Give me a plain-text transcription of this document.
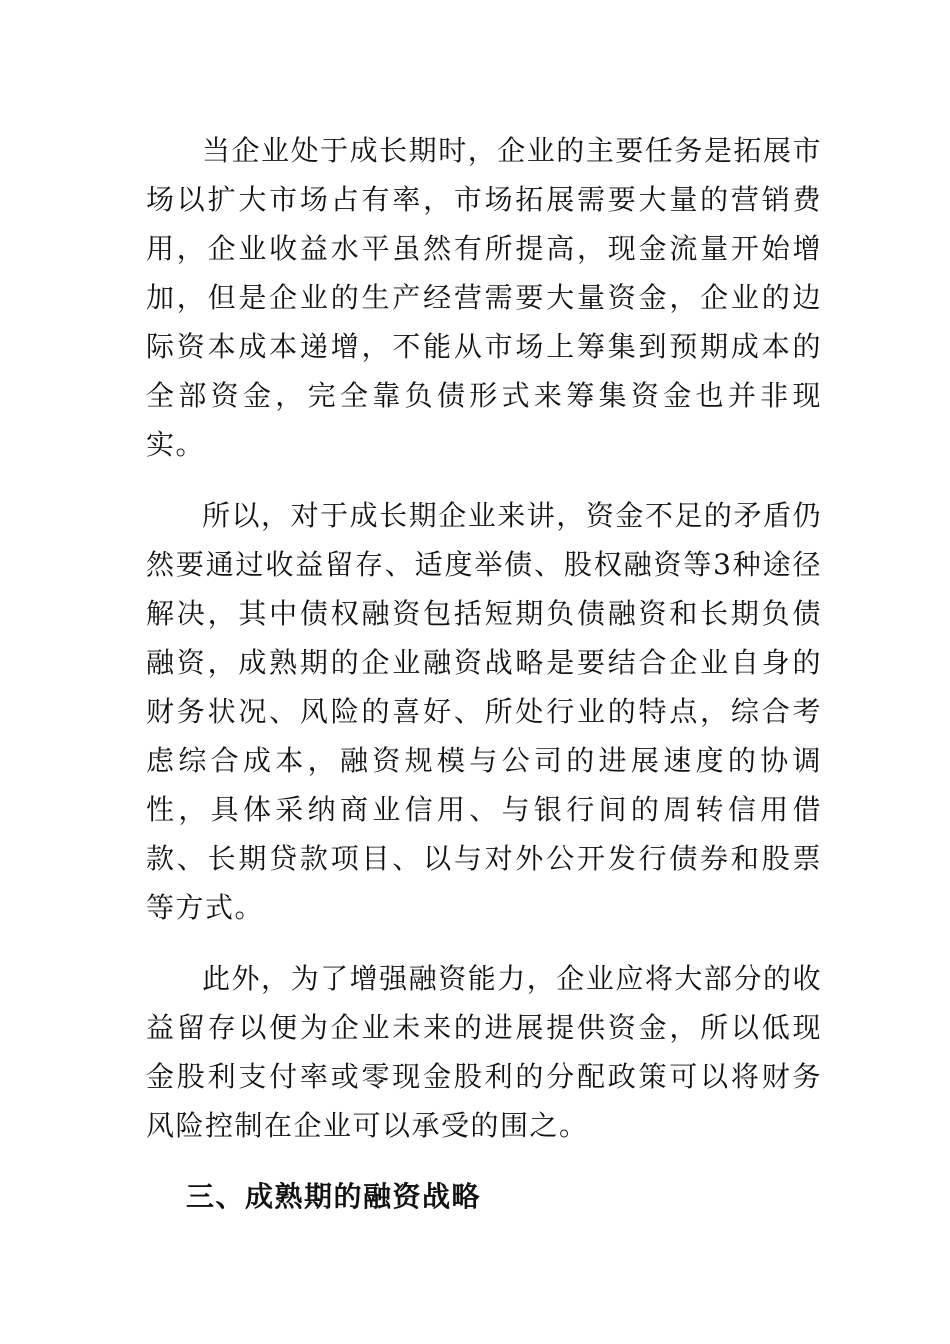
当企业处于成长期时，企业的主要任务是拓展市场以扩大市场占有率，市场拓展需要大量的营销费用，企业收益水平虽然有所提高，现金流量开始增加，但是企业的生产经营需要大量资金，企业的边际资本成本递增，不能从市场上筹集到预期成本的全部资金，完全靠负债形式来筹集资金也并非现实。

所以，对于成长期企业来讲，资金不足的矛盾仍然要通过收益留存、适度举债、股权融资等3种途径解决，其中债权融资包括短期负债融资和长期负债融资，成熟期的企业融资战略是要结合企业自身的财务状况、风险的喜好、所处行业的特点，综合考虑综合成本，融资规模与公司的进展速度的协调性，具体采纳商业信用、与银行间的周转信用借款、长期贷款项目、以与对外公开发行债券和股票等方式。

此外，为了增强融资能力，企业应将大部分的收益留存以便为企业未来的进展提供资金，所以低现金股利支付率或零现金股利的分配政策可以将财务风险控制在企业可以承受的围之。

三、成熟期的融资战略
